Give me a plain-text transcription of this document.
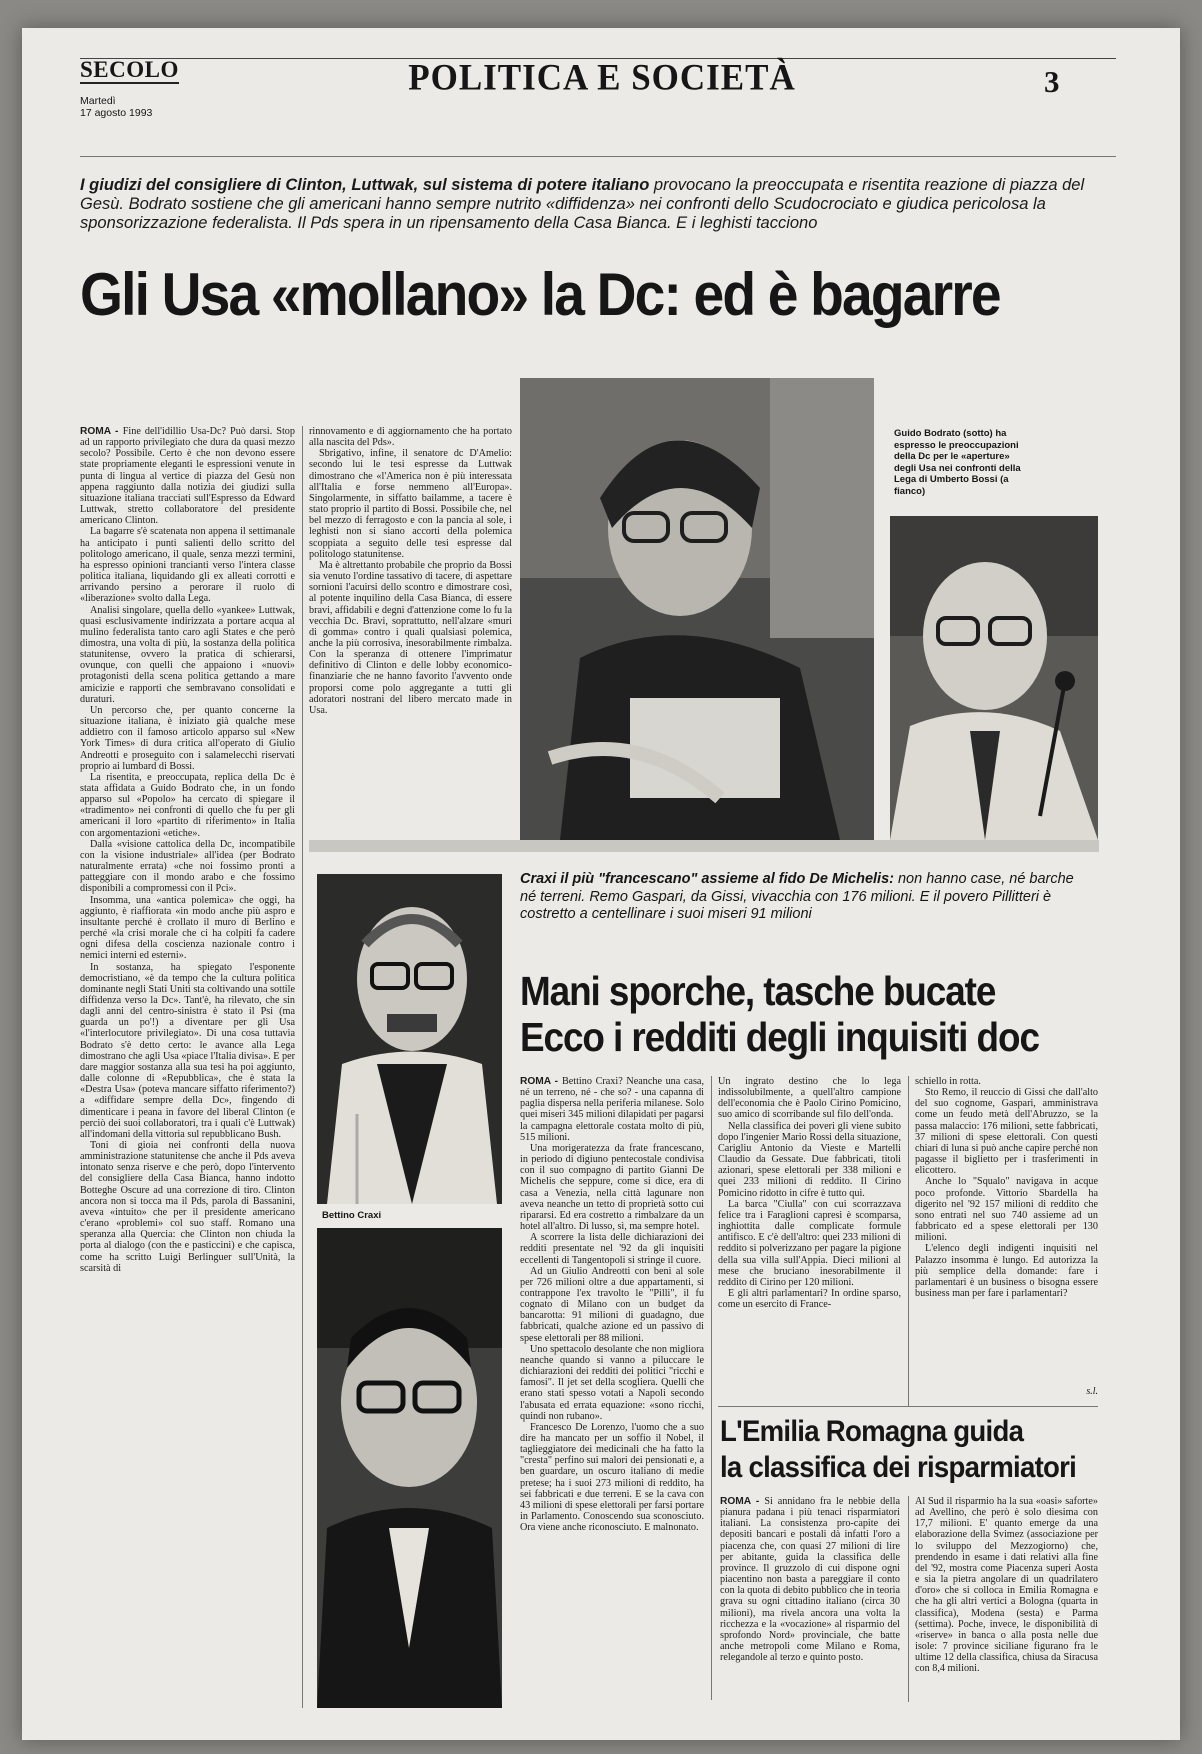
SECOLO
Martedì
17 agosto 1993
POLITICA E SOCIETÀ	3
I giudizi del consigliere di Clinton, Luttwak, sul sistema di potere italiano provocano la preoccupata e risentita reazione di piazza del Gesù. Bodrato sostiene che gli americani hanno sempre nutrito «diffidenza» nei confronti dello Scudocrociato e giudica pericolosa la sponsorizzazione federalista. Il Pds spera in un ripensamento della Casa Bianca. E i leghisti tacciono
Gli Usa «mollano» la Dc: ed è bagarre

ROMA - Fine dell'idillio Usa-Dc? Può darsi. Stop ad un rapporto privilegiato che dura da quasi mezzo secolo? Possibile. Certo è che non devono essere state propriamente eleganti le espressioni venute in punta di lingua al vertice di piazza del Gesù non appena raggiunto dalla notizia dei giudizi sulla situazione italiana tracciati sull'Espresso da Edward Luttwak, stretto collaboratore del presidente americano Clinton.

La bagarre s'è scatenata non appena il settimanale ha anticipato i punti salienti dello scritto del politologo americano, il quale, senza mezzi termini, ha espresso opinioni trancianti verso l'intera classe politica italiana, liquidando gli ex alleati corrotti e arrivando persino a perorare il ruolo di «liberazione» svolto dalla Lega.

Analisi singolare, quella dello «yankee» Luttwak, quasi esclusivamente indirizzata a portare acqua al mulino federalista tanto caro agli States e che però dimostra, una volta di più, la sostanza della politica statunitense, ovvero la pratica di schierarsi, ovunque, con quelli che appaiono i «nuovi» protagonisti della scena politica gettando a mare amicizie e rapporti che sembravano consolidati e duraturi.

Un percorso che, per quanto concerne la situazione italiana, è iniziato già qualche mese addietro con il famoso articolo apparso sul «New York Times» di dura critica all'operato di Giulio Andreotti e proseguito con i salamelecchi riservati proprio ai lumbard di Bossi.

La risentita, e preoccupata, replica della Dc è stata affidata a Guido Bodrato che, in un fondo apparso sul «Popolo» ha cercato di spiegare il «tradimento» nei confronti di quello che fu per gli americani il loro «partito di riferimento» in Italia con argomentazioni «etiche».

Dalla «visione cattolica della Dc, incompatibile con la visione industriale» all'idea (per Bodrato naturalmente errata) «che noi fossimo pronti a patteggiare con il mondo arabo e che fossimo disponibili a compromessi con il Pci».

Insomma, una «antica polemica» che oggi, ha aggiunto, è riaffiorata «in modo anche più aspro e insultante perché è crollato il muro di Berlino e perché «la crisi morale che ci ha colpiti fa cadere ogni difesa della coscienza nazionale contro i nemici interni ed esterni».

In sostanza, ha spiegato l'esponente democristiano, «è da tempo che la cultura politica dominante negli Stati Uniti sta coltivando una sottile diffidenza verso la Dc». Tant'è, ha rilevato, che sin dagli anni del centro-sinistra è stato il Psi (ma guarda un po'!) a diventare per gli Usa «l'interlocutore privilegiato». Di una cosa tuttavia Bodrato s'è detto certo: le avance alla Lega dimostrano che agli Usa «piace l'Italia divisa». E per dare maggior sostanza alla sua tesi ha poi aggiunto, dalle colonne di «Repubblica», che è stata la «Destra Usa» (poteva mancare siffatto riferimento?) a «diffidare sempre della Dc», fingendo di dimenticare i peana in favore del liberal Clinton (e perciò dei suoi collaboratori, tra i quali c'è Luttwak) all'indomani della vittoria sul repubblicano Bush.

Toni di gioia nei confronti della nuova amministrazione statunitense che anche il Pds aveva intonato senza riserve e che però, dopo l'intervento del consigliere della Casa Bianca, hanno indotto Botteghe Oscure ad una correzione di tiro. Clinton ancora non si tocca ma il Pds, parola di Bassanini, aveva «intuito» che per il presidente americano c'erano «problemi» col suo staff. Romano una speranza alla Quercia: che Clinton non chiuda la porta al dialogo (con the e pasticcini) e che capisca, come ha scritto Luigi Berlinguer sull'Unità, la scarsità di

rinnovamento e di aggiornamento che ha portato alla nascita del Pds».

Sbrigativo, infine, il senatore dc D'Amelio: secondo lui le tesi espresse da Luttwak dimostrano che «l'America non è più interessata all'Italia e forse nemmeno all'Europa». Singolarmente, in siffatto bailamme, a tacere è stato proprio il partito di Bossi. Possibile che, nel bel mezzo di ferragosto e con la pancia al sole, i leghisti non si siano accorti della polemica scoppiata a seguito delle tesi espresse dal politologo statunitense.

Ma è altrettanto probabile che proprio da Bossi sia venuto l'ordine tassativo di tacere, di aspettare sornioni l'acuirsi dello scontro e dimostrare così, al potente inquilino della Casa Bianca, di essere bravi, affidabili e degni d'attenzione come lo fu la vecchia Dc. Bravi, soprattutto, nell'alzare «muri di gomma» contro i quali qualsiasi polemica, anche la più corrosiva, inesorabilmente rimbalza. Con la speranza di ottenere l'imprimatur definitivo di Clinton e delle lobby economico-finanziarie che ne hanno favorito l'avvento onde proporsi come polo aggregante a tutti gli adoratori nostrani del libero mercato made in Usa.

Guido Bodrato (sotto) ha espresso le preoccupazioni della Dc per le «aperture» degli Usa nei confronti della Lega di Umberto Bossi (a fianco)
Bettino Craxi
Craxi il più "francescano" assieme al fido De Michelis: non hanno case, né barche né terreni. Remo Gaspari, da Gissi, vivacchia con 176 milioni. E il povero Pillitteri è costretto a centellinare i suoi miseri 91 milioni
Mani sporche, tasche bucate
Ecco i redditi degli inquisiti doc

ROMA - Bettino Craxi? Neanche una casa, né un terreno, né - che so? - una capanna di paglia dispersa nella periferia milanese. Solo quei miseri 345 milioni dilapidati per pagarsi la campagna elettorale costata molto di più, 515 milioni.

Una morigeratezza da frate francescano, in periodo di digiuno pentecostale condivisa con il suo compagno di partito Gianni De Michelis che seppure, come si dice, era di casa a Venezia, nella città lagunare non aveva neanche un tetto di proprietà sotto cui ripararsi. Ed era costretto a rimbalzare da un hotel all'altro. Di lusso, sì, ma sempre hotel.

A scorrere la lista delle dichiarazioni dei redditi presentate nel '92 da gli inquisiti eccellenti di Tangentopoli si stringe il cuore.

Ad un Giulio Andreotti con beni al sole per 726 milioni oltre a due appartamenti, si contrappone l'ex travolto le "Pilli", il fu cognato di Milano con un budget da bancarotta: 91 milioni di guadagno, due fabbricati, qualche azione ed un passivo di spese elettorali per 88 milioni.

Uno spettacolo desolante che non migliora neanche quando si vanno a piluccare le dichiarazioni dei redditi dei politici "ricchi e famosi". Il jet set della scogliera. Quelli che erano stati spesso votati a Napoli secondo l'abusata ed errata equazione: «sono ricchi, quindi non rubano».

Francesco De Lorenzo, l'uomo che a suo dire ha mancato per un soffio il Nobel, il taglieggiatore dei medicinali che ha fatto la "cresta" perfino sui malori dei pensionati e, a ben guardare, un oscuro italiano di medie pretese; ha i suoi 273 milioni di reddito, ha sei fabbricati e due terreni. E se la cava con 43 milioni di spese elettorali per farsi portare in Parlamento. Conoscendo sua sconosciuto. Ora viene anche riconosciuto. E malnonato.

Un ingrato destino che lo lega indissolubilmente, a quell'altro campione dell'economia che è Paolo Cirino Pomicino, suo amico di scorribande sul filo dell'onda.

Nella classifica dei poveri gli viene subito dopo l'ingenier Mario Rossi della situazione, Carigliu Antonio da Vieste e Martelli Claudio da Gessate. Due fabbricati, titoli azionari, spese elettorali per 338 milioni e quei 233 milioni di reddito. Il Cirino Pomicino ridotto in cifre è tutto qui.

La barca "Ciulla" con cui scorrazzava felice tra i Faraglioni capresi è scomparsa, inghiottita dalle complicate formule antifisco. E c'è dell'altro: quei 233 milioni di reddito si polverizzano per pagare la pigione della sua villa sull'Appia. Dieci milioni al mese che bruciano inesorabilmente il reddito di Cirino per 120 milioni.

E gli altri parlamentari? In ordine sparso, come un esercito di France-

schiello in rotta.

Sto Remo, il reuccio di Gissi che dall'alto del suo cognome, Gaspari, amministrava come un feudo metà dell'Abruzzo, se la passa malaccio: 176 milioni, sette fabbricati, 37 milioni di spese elettorali. Con questi chiari di luna si può anche capire perché non pagasse il biglietto per i trasferimenti in elicottero.

Anche lo "Squalo" navigava in acque poco profonde. Vittorio Sbardella ha digerito nel '92 157 milioni di reddito che sono entrati nel suo 740 assieme ad un fabbricato ed a spese elettorali per 130 milioni.

L'elenco degli indigenti inquisiti nel Palazzo insomma è lungo. Ed autorizza la più semplice della domande: fare i parlamentari è un business o bisogna essere business man per fare i parlamentari?

s.l.
L'Emilia Romagna guida
la classifica dei risparmiatori

ROMA - Si annidano fra le nebbie della pianura padana i più tenaci risparmiatori italiani. La consistenza pro-capite dei depositi bancari e postali dà infatti l'oro a piacenza che, con quasi 27 milioni di lire per abitante, guida la classifica delle province. Il gruzzolo di cui dispone ogni piacentino non basta a pareggiare il conto con la quota di debito pubblico che in teoria grava su ogni cittadino italiano (circa 30 milioni), ma rivela ancora una volta la ricchezza e la «vocazione» al risparmio del sprofondo Nord» provinciale, che batte anche metropoli come Milano e Roma, relegandole al terzo e quinto posto.

Al Sud il risparmio ha la sua «oasi» saforte» ad Avellino, che però è solo diesima con 17,7 milioni. E' quanto emerge da una elaborazione della Svimez (associazione per lo sviluppo del Mezzogiorno) che, prendendo in esame i dati relativi alla fine del '92, mostra come Piacenza superi Aosta e sia la pietra angolare di un quadrilatero d'oro» che si colloca in Emilia Romagna e che ha gli altri vertici a Bologna (quarta in classifica), Modena (sesta) e Parma (settima). Poche, invece, le disponibilità di «riserve» in banca o alla posta nelle due isole: 7 province siciliane figurano fra le ultime 12 della classifica, chiusa da Siracusa con 8,4 milioni.
